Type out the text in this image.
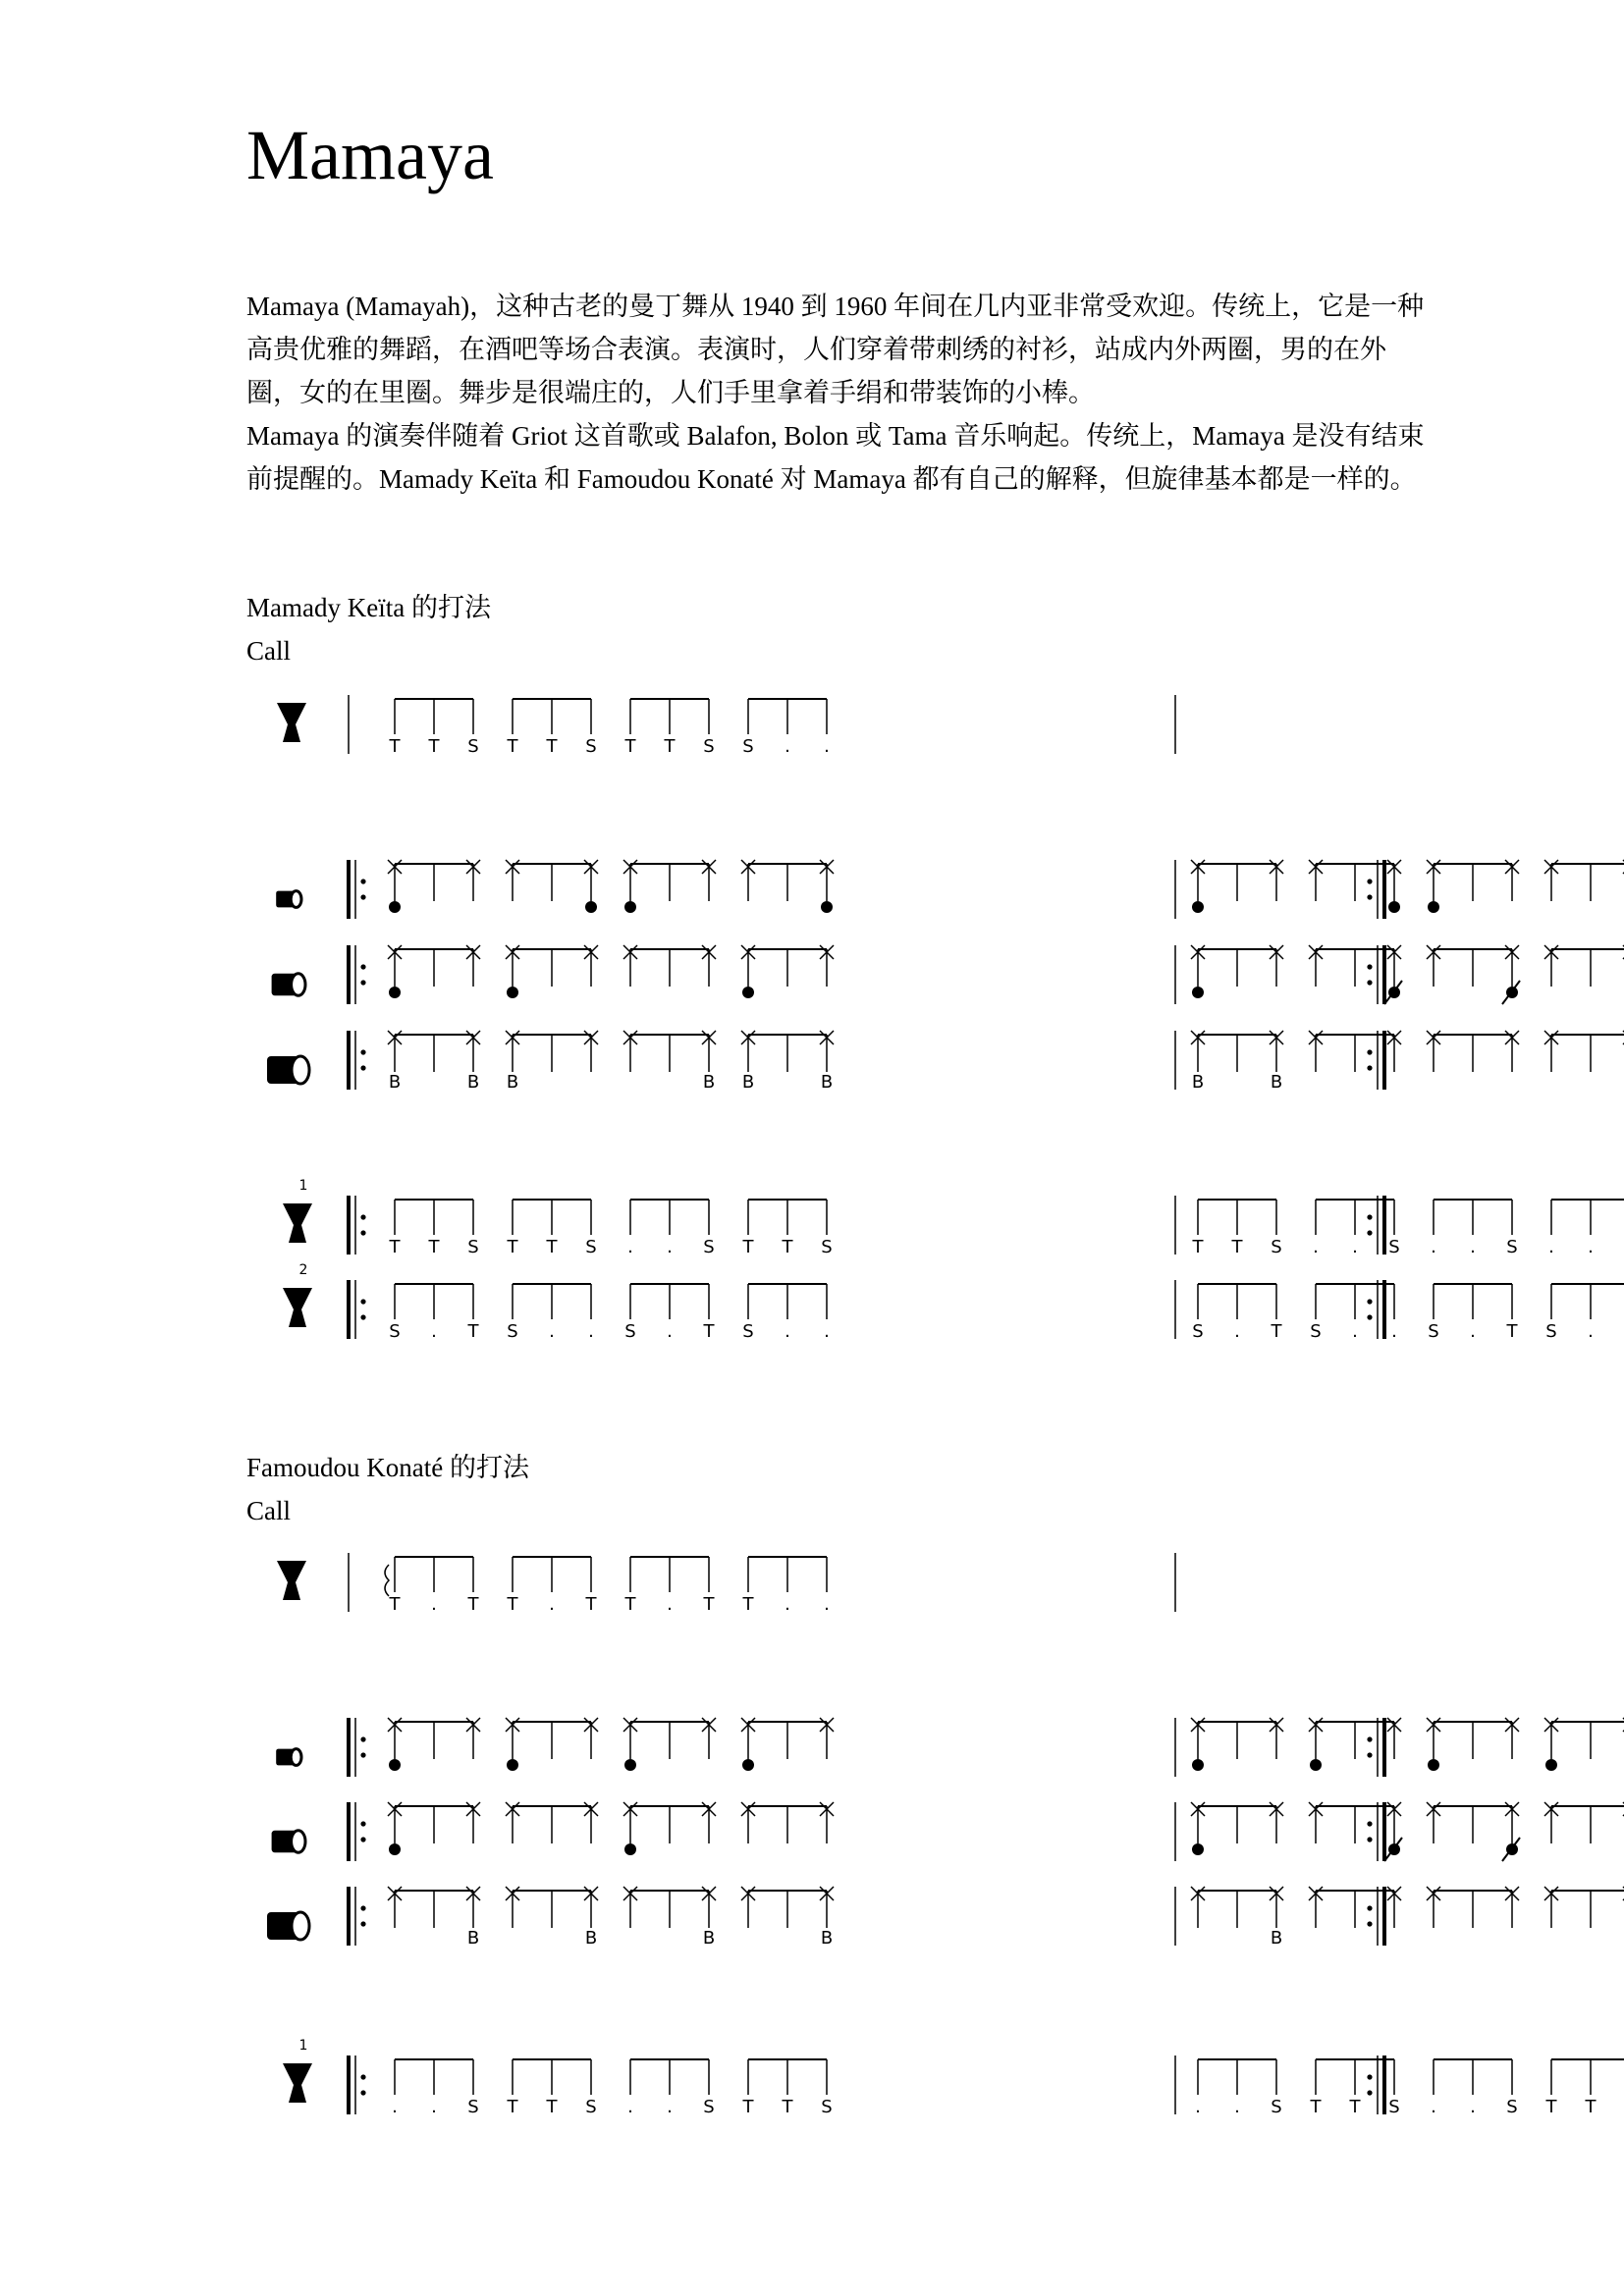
Mamaya

Mamaya (Mamayah)，这种古老的曼丁舞从 1940 到 1960 年间在几内亚非常受欢迎。传统上，它是一种高贵优雅的舞蹈，在酒吧等场合表演。表演时，人们穿着带刺绣的衬衫，站成内外两圈，男的在外圈，女的在里圈。舞步是很端庄的，人们手里拿着手绢和带装饰的小棒。

Mamaya 的演奏伴随着 Griot 这首歌或 Balafon, Bolon 或 Tama 音乐响起。传统上，Mamaya 是没有结束前提醒的。Mamady Keïta 和 Famoudou Konaté 对 Mamaya 都有自己的解释，但旋律基本都是一样的。

Mamady Keïta 的打法
Call
Famoudou Konaté 的打法
Call
T T S T T S T T S S . .
B	B B	B B	B	B	B
1
T T S T T S . . S T T S	T T S . . S . . S . .
2
S . T S . . S . T S . .	S . T S . . S . T S .
T . T T . T T . T T . .
B	B	B	B	B
1
. . S T T S . . S T T S	. . S T T S . . S T T
